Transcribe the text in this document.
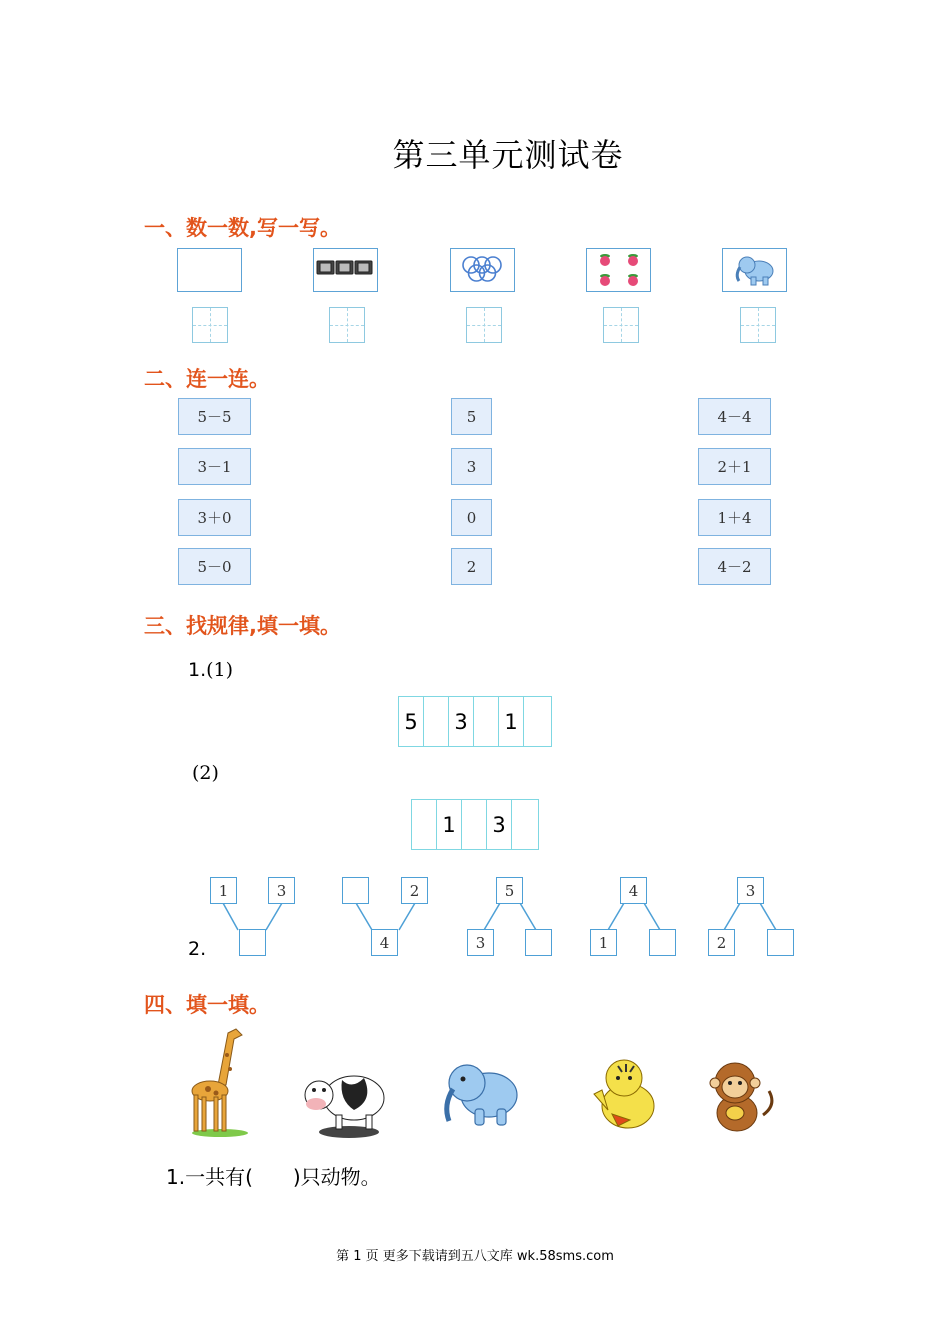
第三单元测试卷
一、数一数,写一写。
二、连一连。
5－5
3－1
3＋0
5－0
5
3
0
2
4－4
2＋1
1＋4
4－2
三、找规律,填一填。
1.(1)
5	3	1
(2)
1	3
1	3	2
4
5
3
4
1
3
2
2.
四、填一填。
1.一共有(　　)只动物。
第 1 页 更多下载请到五八文库 wk.58sms.com
